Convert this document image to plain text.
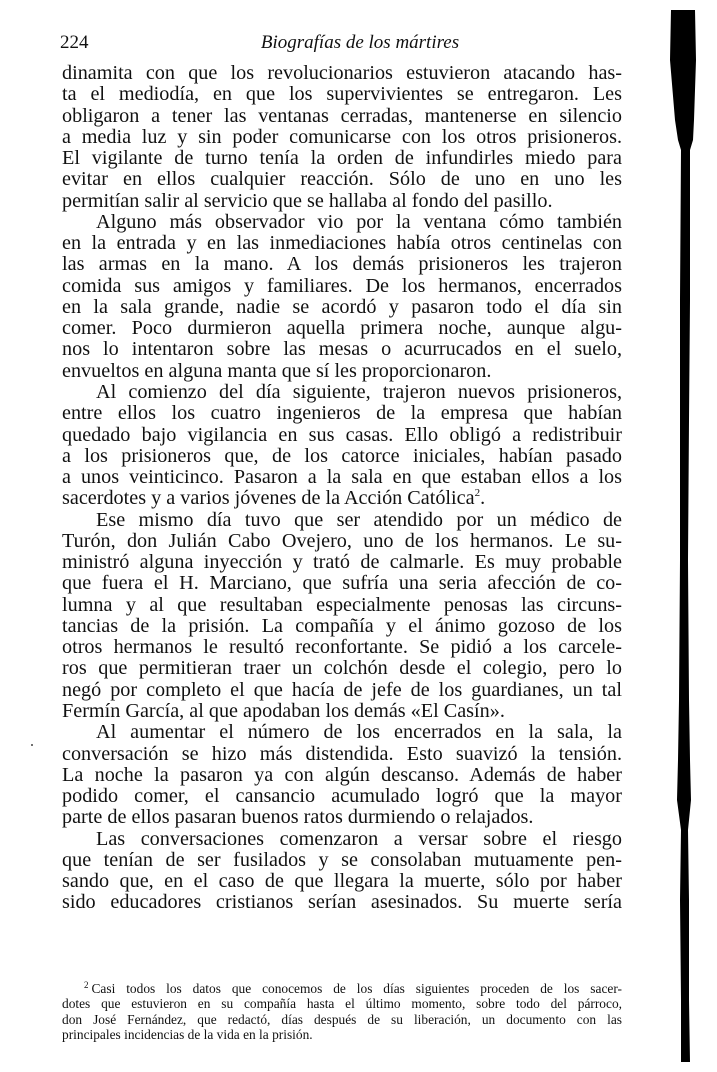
224	Biografías de los mártires
dinamita con que los revolucionarios estuvieron atacando has-
ta el mediodía, en que los supervivientes se entregaron. Les
obligaron a tener las ventanas cerradas, mantenerse en silencio
a media luz y sin poder comunicarse con los otros prisioneros.
El vigilante de turno tenía la orden de infundirles miedo para
evitar en ellos cualquier reacción. Sólo de uno en uno les
permitían salir al servicio que se hallaba al fondo del pasillo.
Alguno más observador vio por la ventana cómo también
en la entrada y en las inmediaciones había otros centinelas con
las armas en la mano. A los demás prisioneros les trajeron
comida sus amigos y familiares. De los hermanos, encerrados
en la sala grande, nadie se acordó y pasaron todo el día sin
comer. Poco durmieron aquella primera noche, aunque algu-
nos lo intentaron sobre las mesas o acurrucados en el suelo,
envueltos en alguna manta que sí les proporcionaron.
Al comienzo del día siguiente, trajeron nuevos prisioneros,
entre ellos los cuatro ingenieros de la empresa que habían
quedado bajo vigilancia en sus casas. Ello obligó a redistribuir
a los prisioneros que, de los catorce iniciales, habían pasado
a unos veinticinco. Pasaron a la sala en que estaban ellos a los
sacerdotes y a varios jóvenes de la Acción Católica$^2$.
Ese mismo día tuvo que ser atendido por un médico de
Turón, don Julián Cabo Ovejero, uno de los hermanos. Le su-
ministró alguna inyección y trató de calmarle. Es muy probable
que fuera el H. Marciano, que sufría una seria afección de co-
lumna y al que resultaban especialmente penosas las circuns-
tancias de la prisión. La compañía y el ánimo gozoso de los
otros hermanos le resultó reconfortante. Se pidió a los carcele-
ros que permitieran traer un colchón desde el colegio, pero lo
negó por completo el que hacía de jefe de los guardianes, un tal
Fermín García, al que apodaban los demás «El Casín».
Al aumentar el número de los encerrados en la sala, la
conversación se hizo más distendida. Esto suavizó la tensión.
La noche la pasaron ya con algún descanso. Además de haber
podido comer, el cansancio acumulado logró que la mayor
parte de ellos pasaran buenos ratos durmiendo o relajados.
Las conversaciones comenzaron a versar sobre el riesgo
que tenían de ser fusilados y se consolaban mutuamente pen-
sando que, en el caso de que llegara la muerte, sólo por haber
sido educadores cristianos serían asesinados. Su muerte sería
$^2$ Casi todos los datos que conocemos de los días siguientes proceden de los sacer-
dotes que estuvieron en su compañía hasta el último momento, sobre todo del párroco,
don José Fernández, que redactó, días después de su liberación, un documento con las
principales incidencias de la vida en la prisión.
